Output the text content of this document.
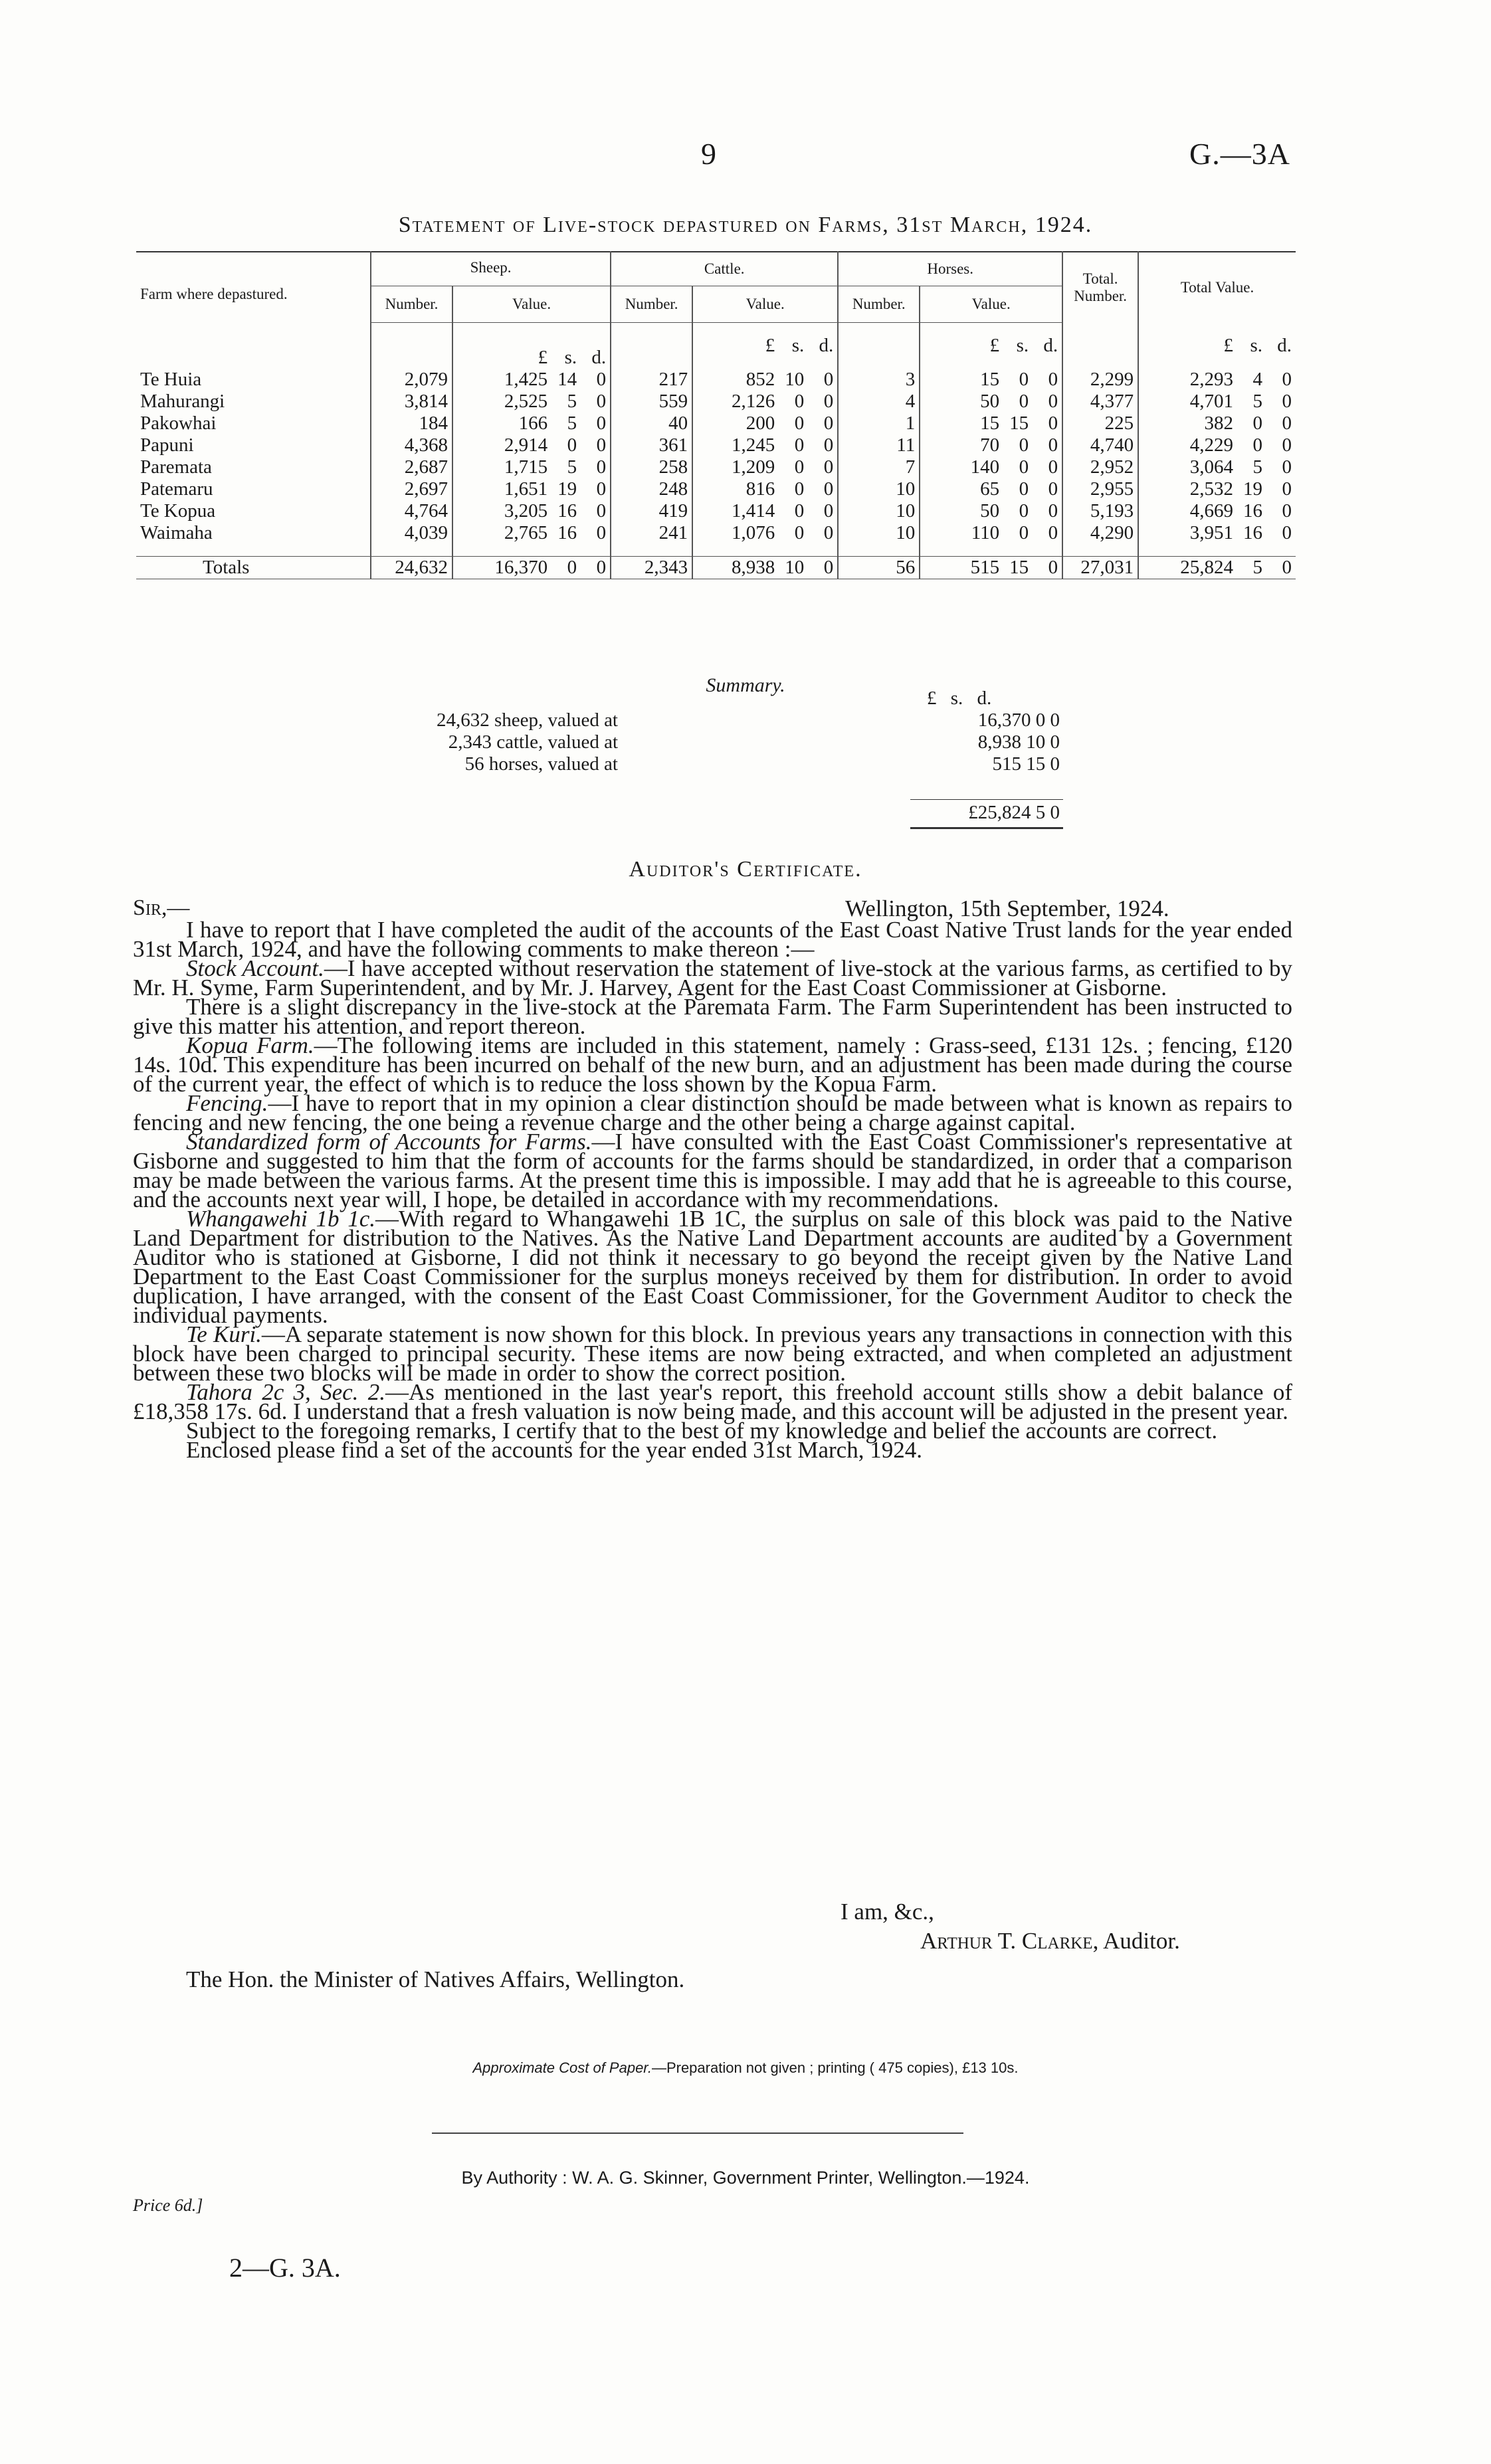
9	G.—3A
Statement of Live-stock depastured on Farms, 31st March, 1924.
Farm where depastured.	Sheep.		Cattle.		Horses.		Total. Number.	Total Value.
	Number.	Value.	Number.	Value.	Number.	Value.		
		£ s. d.		£ s. d.		£ s. d.		£ s. d.
Te Huia	2,079	1,425 14 0	217	852 10 0	3	15 0 0	2,299	2,293 4 0
Mahurangi	3,814	2,525 5 0	559	2,126 0 0	4	50 0 0	4,377	4,701 5 0
Pakowhai	184	166 5 0	40	200 0 0	1	15 15 0	225	382 0 0
Papuni	4,368	2,914 0 0	361	1,245 0 0	11	70 0 0	4,740	4,229 0 0
Paremata	2,687	1,715 5 0	258	1,209 0 0	7	140 0 0	2,952	3,064 5 0
Patemaru	2,697	1,651 19 0	248	816 0 0	10	65 0 0	2,955	2,532 19 0
Te Kopua	4,764	3,205 16 0	419	1,414 0 0	10	50 0 0	5,193	4,669 16 0
Waimaha	4,039	2,765 16 0	241	1,076 0 0	10	110 0 0	4,290	3,951 16 0

Totals	24,632	16,370 0 0	2,343	8,938 10 0	56	515 15 0	27,031	25,824 5 0
Summary.
£ s. d.
24,632 sheep, valued at	16,370 0 0
2,343 cattle, valued at	8,938 10 0
56 horses, valued at	515 15 0
£25,824 5 0
Auditor's Certificate.
Sir,—	Wellington, 15th September, 1924.

I have to report that I have completed the audit of the accounts of the East Coast Native Trust lands for the year ended 31st March, 1924, and have the following comments to make thereon :—

Stock Account.—I have accepted without reservation the statement of live-stock at the various farms, as certified to by Mr. H. Syme, Farm Superintendent, and by Mr. J. Harvey, Agent for the East Coast Commissioner at Gisborne.

There is a slight discrepancy in the live-stock at the Paremata Farm. The Farm Superintendent has been instructed to give this matter his attention, and report thereon.

Kopua Farm.—The following items are included in this statement, namely : Grass-seed, £131 12s. ; fencing, £120 14s. 10d. This expenditure has been incurred on behalf of the new burn, and an adjustment has been made during the course of the current year, the effect of which is to reduce the loss shown by the Kopua Farm.

Fencing.—I have to report that in my opinion a clear distinction should be made between what is known as repairs to fencing and new fencing, the one being a revenue charge and the other being a charge against capital.

Standardized form of Accounts for Farms.—I have consulted with the East Coast Commissioner's representative at Gisborne and suggested to him that the form of accounts for the farms should be standardized, in order that a comparison may be made between the various farms. At the present time this is impossible. I may add that he is agreeable to this course, and the accounts next year will, I hope, be detailed in accordance with my recommendations.

Whangawehi 1b 1c.—With regard to Whangawehi 1B 1C, the surplus on sale of this block was paid to the Native Land Department for distribution to the Natives. As the Native Land Department accounts are audited by a Government Auditor who is stationed at Gisborne, I did not think it necessary to go beyond the receipt given by the Native Land Department to the East Coast Commissioner for the surplus moneys received by them for distribution. In order to avoid duplication, I have arranged, with the consent of the East Coast Commissioner, for the Government Auditor to check the individual payments.

Te Kuri.—A separate statement is now shown for this block. In previous years any transactions in connection with this block have been charged to principal security. These items are now being extracted, and when completed an adjustment between these two blocks will be made in order to show the correct position.

Tahora 2c 3, Sec. 2.—As mentioned in the last year's report, this freehold account stills show a debit balance of £18,358 17s. 6d. I understand that a fresh valuation is now being made, and this account will be adjusted in the present year.

Subject to the foregoing remarks, I certify that to the best of my knowledge and belief the accounts are correct.

Enclosed please find a set of the accounts for the year ended 31st March, 1924.

I am, &c.,
Arthur T. Clarke, Auditor.
The Hon. the Minister of Natives Affairs, Wellington.
Approximate Cost of Paper.—Preparation not given ; printing ( 475 copies), £13 10s.
By Authority : W. A. G. Skinner, Government Printer, Wellington.—1924.
Price 6d.]
2—G. 3A.
